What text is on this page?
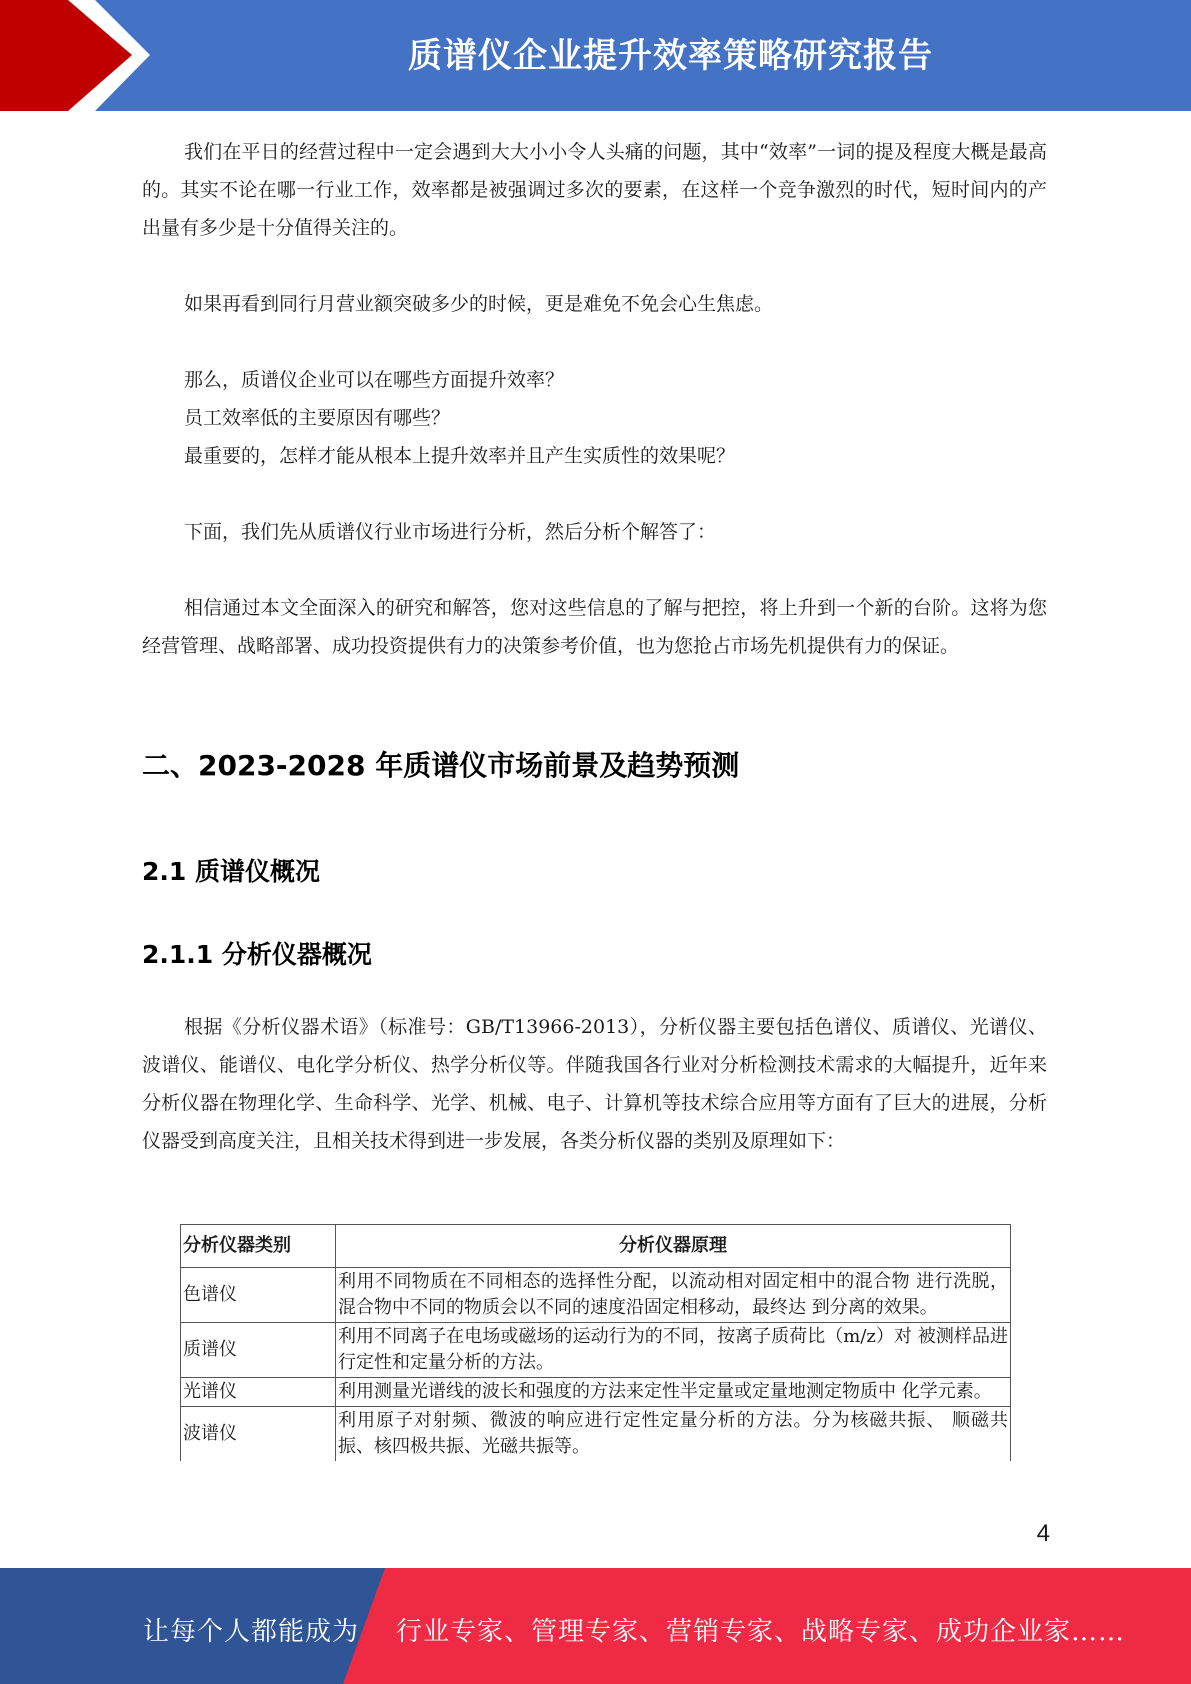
质谱仪企业提升效率策略研究报告

我们在平日的经营过程中一定会遇到大大小小令人头痛的问题，其中“效率”一词的提及程度大概是最高的。其实不论在哪一行业工作，效率都是被强调过多次的要素，在这样一个竞争激烈的时代，短时间内的产出量有多少是十分值得关注的。

如果再看到同行月营业额突破多少的时候，更是难免不免会心生焦虑。

那么，质谱仪企业可以在哪些方面提升效率？

员工效率低的主要原因有哪些？

最重要的，怎样才能从根本上提升效率并且产生实质性的效果呢？

下面，我们先从质谱仪行业市场进行分析，然后分析个解答了：

相信通过本文全面深入的研究和解答，您对这些信息的了解与把控，将上升到一个新的台阶。这将为您经营管理、战略部署、成功投资提供有力的决策参考价值，也为您抢占市场先机提供有力的保证。

二、2023-2028 年质谱仪市场前景及趋势预测
2.1 质谱仪概况
2.1.1 分析仪器概况

根据《分析仪器术语》（标准号：GB/T13966-2013），分析仪器主要包括色谱仪、质谱仪、光谱仪、波谱仪、能谱仪、电化学分析仪、热学分析仪等。伴随我国各行业对分析检测技术需求的大幅提升，近年来分析仪器在物理化学、生命科学、光学、机械、电子、计算机等技术综合应用等方面有了巨大的进展，分析仪器受到高度关注，且相关技术得到进一步发展，各类分析仪器的类别及原理如下：

分析仪器类别	分析仪器原理
色谱仪	利用不同物质在不同相态的选择性分配，以流动相对固定相中的混合物 进行洗脱，混合物中不同的物质会以不同的速度沿固定相移动，最终达 到分离的效果。
质谱仪	利用不同离子在电场或磁场的运动行为的不同，按离子质荷比（m/z）对 被测样品进行定性和定量分析的方法。
光谱仪	利用测量光谱线的波长和强度的方法来定性半定量或定量地测定物质中 化学元素。
波谱仪	利用原子对射频、微波的响应进行定性定量分析的方法。分为核磁共振、 顺磁共振、核四极共振、光磁共振等。
4
让每个人都能成为 行业专家、管理专家、营销专家、战略专家、成功企业家……
